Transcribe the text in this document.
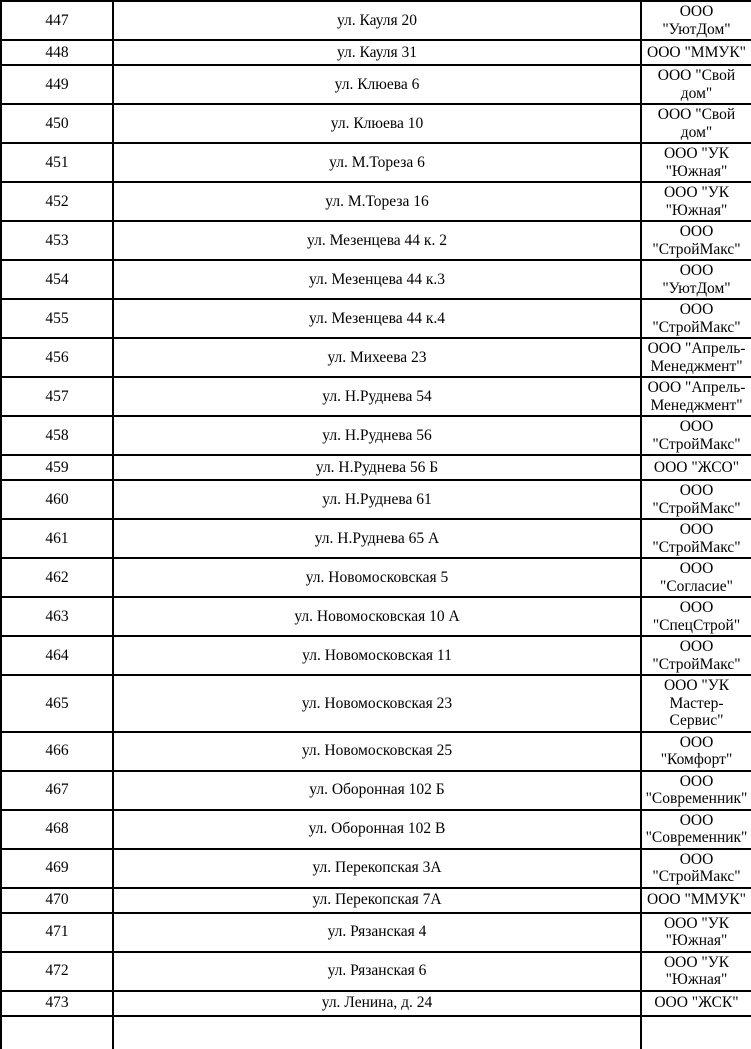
447	ул. Кауля 20	ООО "УютДом"
448	ул. Кауля 31	ООО "ММУК"
449	ул. Клюева 6	ООО "Свой дом"
450	ул. Клюева 10	ООО "Свой дом"
451	ул. М.Тореза 6	ООО "УК "Южная"
452	ул. М.Тореза 16	ООО "УК "Южная"
453	ул. Мезенцева 44 к. 2	ООО "СтройМакс"
454	ул. Мезенцева 44 к.3	ООО "УютДом"
455	ул. Мезенцева 44 к.4	ООО "СтройМакс"
456	ул. Михеева 23	ООО "Апрель-Менеджмент"
457	ул. Н.Руднева 54	ООО "Апрель-Менеджмент"
458	ул. Н.Руднева 56	ООО "СтройМакс"
459	ул. Н.Руднева 56 Б	ООО "ЖСО"
460	ул. Н.Руднева 61	ООО "СтройМакс"
461	ул. Н.Руднева 65 А	ООО "СтройМакс"
462	ул. Новомосковская 5	ООО "Согласие"
463	ул. Новомосковская 10 А	ООО "СпецСтрой"
464	ул. Новомосковская 11	ООО "СтройМакс"
465	ул. Новомосковская 23	ООО "УК Мастер-Сервис"
466	ул. Новомосковская 25	ООО "Комфорт"
467	ул. Оборонная 102 Б	ООО "Современник"
468	ул. Оборонная 102 В	ООО "Современник"
469	ул. Перекопская 3А	ООО "СтройМакс"
470	ул. Перекопская 7А	ООО "ММУК"
471	ул. Рязанская 4	ООО "УК "Южная"
472	ул. Рязанская 6	ООО "УК "Южная"
473	ул. Ленина, д. 24	ООО "ЖСК"
